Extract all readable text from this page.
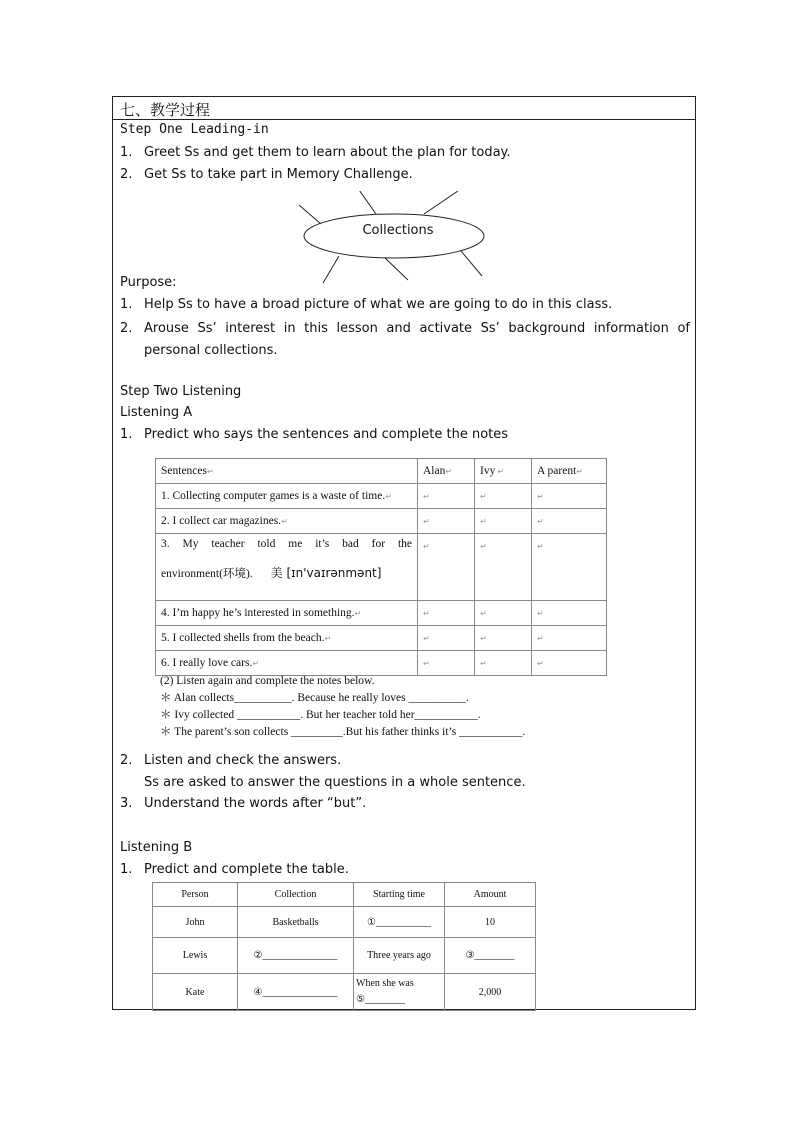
七、教学过程
Step One Leading-in
1. Greet Ss and get them to learn about the plan for today.
2. Get Ss to take part in Memory Challenge.
Collections
Purpose:
1. Help Ss to have a broad picture of what we are going to do in this class.
2. Arouse Ss’ interest in this lesson and activate Ss’ background information of personal collections.
Step Two Listening
Listening A
1. Predict who says the sentences and complete the notes
Sentences↵	Alan↵	Ivy ↵	A parent↵
1. Collecting computer games is a waste of time.↵	↵	↵	↵
2. I collect car magazines.↵	↵	↵	↵

3. My teacher told me it’s bad for the
environment(环境). 美 [ɪn'vaɪrənmənt]	↵	↵	↵
4. I’m happy he’s interested in something.↵	↵	↵	↵
5. I collected shells from the beach.↵	↵	↵	↵
6. I really love cars.↵	↵	↵	↵
(2) Listen again and complete the notes below.
＊ Alan collects__________. Because he really loves __________.
＊ Ivy collected ___________. But her teacher told her___________.
＊ The parent’s son collects _________.But his father thinks it’s ___________.
2. Listen and check the answers.
Ss are asked to answer the questions in a whole sentence.
3. Understand the words after “but”.
Listening B
1. Predict and complete the table.
Person	Collection	Starting time	Amount
John	Basketballs	①___________	10
Lewis	②_______________	Three years ago	③________
Kate	④_______________	When she was ⑤________	2,000
